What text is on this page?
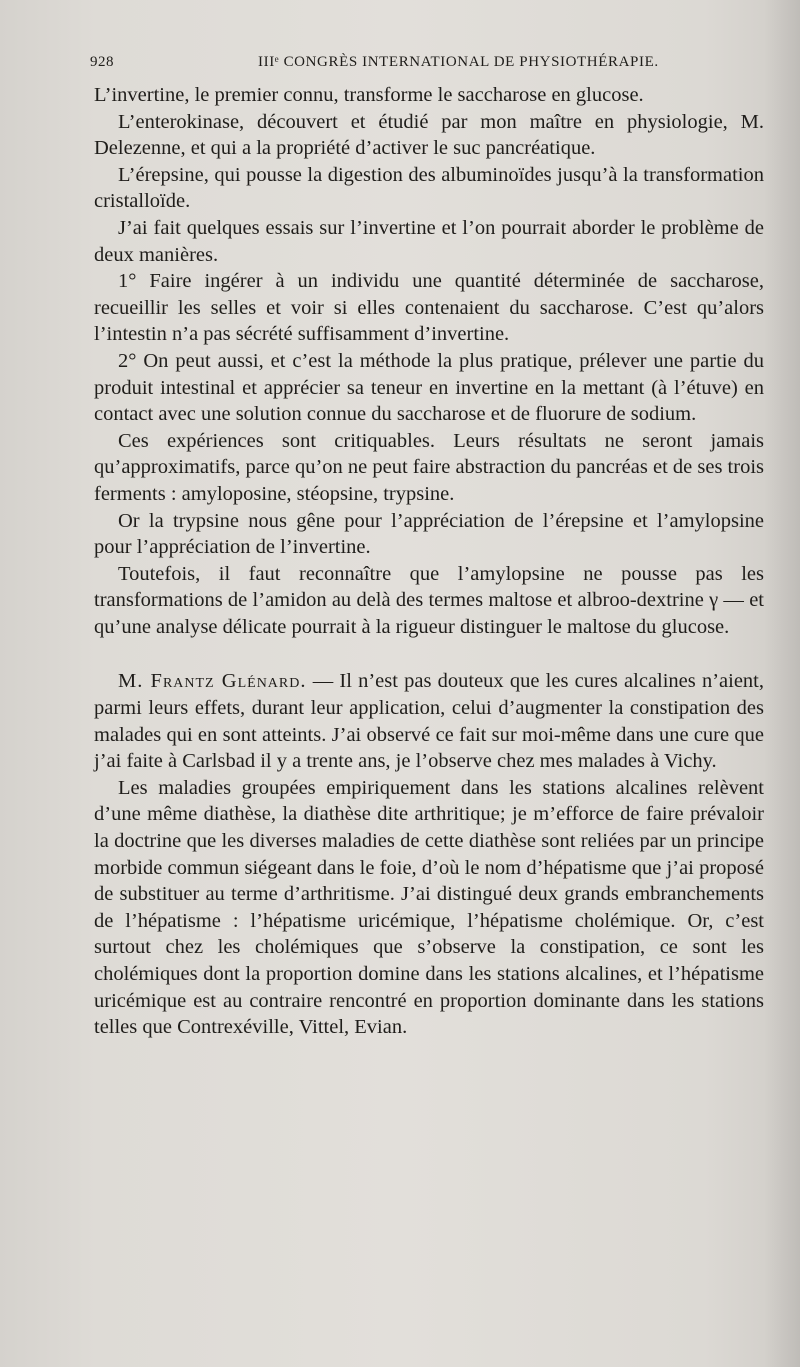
928	IIIᵉ CONGRÈS INTERNATIONAL DE PHYSIOTHÉRAPIE.

L’invertine, le premier connu, transforme le saccharose en glucose.

L’enterokinase, découvert et étudié par mon maître en physiologie, M. Delezenne, et qui a la propriété d’activer le suc pancréatique.

L’érepsine, qui pousse la digestion des albuminoïdes jusqu’à la transformation cristalloïde.

J’ai fait quelques essais sur l’invertine et l’on pourrait aborder le problème de deux manières.

1° Faire ingérer à un individu une quantité déterminée de saccharose, recueillir les selles et voir si elles contenaient du saccharose. C’est qu’alors l’intestin n’a pas sécrété suffisamment d’invertine.

2° On peut aussi, et c’est la méthode la plus pratique, prélever une partie du produit intestinal et apprécier sa teneur en invertine en la mettant (à l’étuve) en contact avec une solution connue du saccharose et de fluorure de sodium.

Ces expériences sont critiquables. Leurs résultats ne seront jamais qu’approximatifs, parce qu’on ne peut faire abstraction du pancréas et de ses trois ferments : amyloposine, stéopsine, trypsine.

Or la trypsine nous gêne pour l’appréciation de l’érepsine et l’amylopsine pour l’appréciation de l’invertine.

Toutefois, il faut reconnaître que l’amylopsine ne pousse pas les transformations de l’amidon au delà des termes maltose et albroo-dextrine γ — et qu’une analyse délicate pourrait à la rigueur distinguer le maltose du glucose.

M. Frantz Glénard. — Il n’est pas douteux que les cures alcalines n’aient, parmi leurs effets, durant leur application, celui d’augmenter la constipation des malades qui en sont atteints. J’ai observé ce fait sur moi-même dans une cure que j’ai faite à Carlsbad il y a trente ans, je l’observe chez mes malades à Vichy.

Les maladies groupées empiriquement dans les stations alcalines relèvent d’une même diathèse, la diathèse dite arthritique; je m’efforce de faire prévaloir la doctrine que les diverses maladies de cette diathèse sont reliées par un principe morbide commun siégeant dans le foie, d’où le nom d’hépatisme que j’ai proposé de substituer au terme d’arthritisme. J’ai distingué deux grands embranchements de l’hépatisme : l’hépatisme uricémique, l’hépatisme cholémique. Or, c’est surtout chez les cholémiques que s’observe la constipation, ce sont les cholémiques dont la proportion domine dans les stations alcalines, et l’hépatisme uricémique est au contraire rencontré en proportion dominante dans les stations telles que Contrexéville, Vittel, Evian.
